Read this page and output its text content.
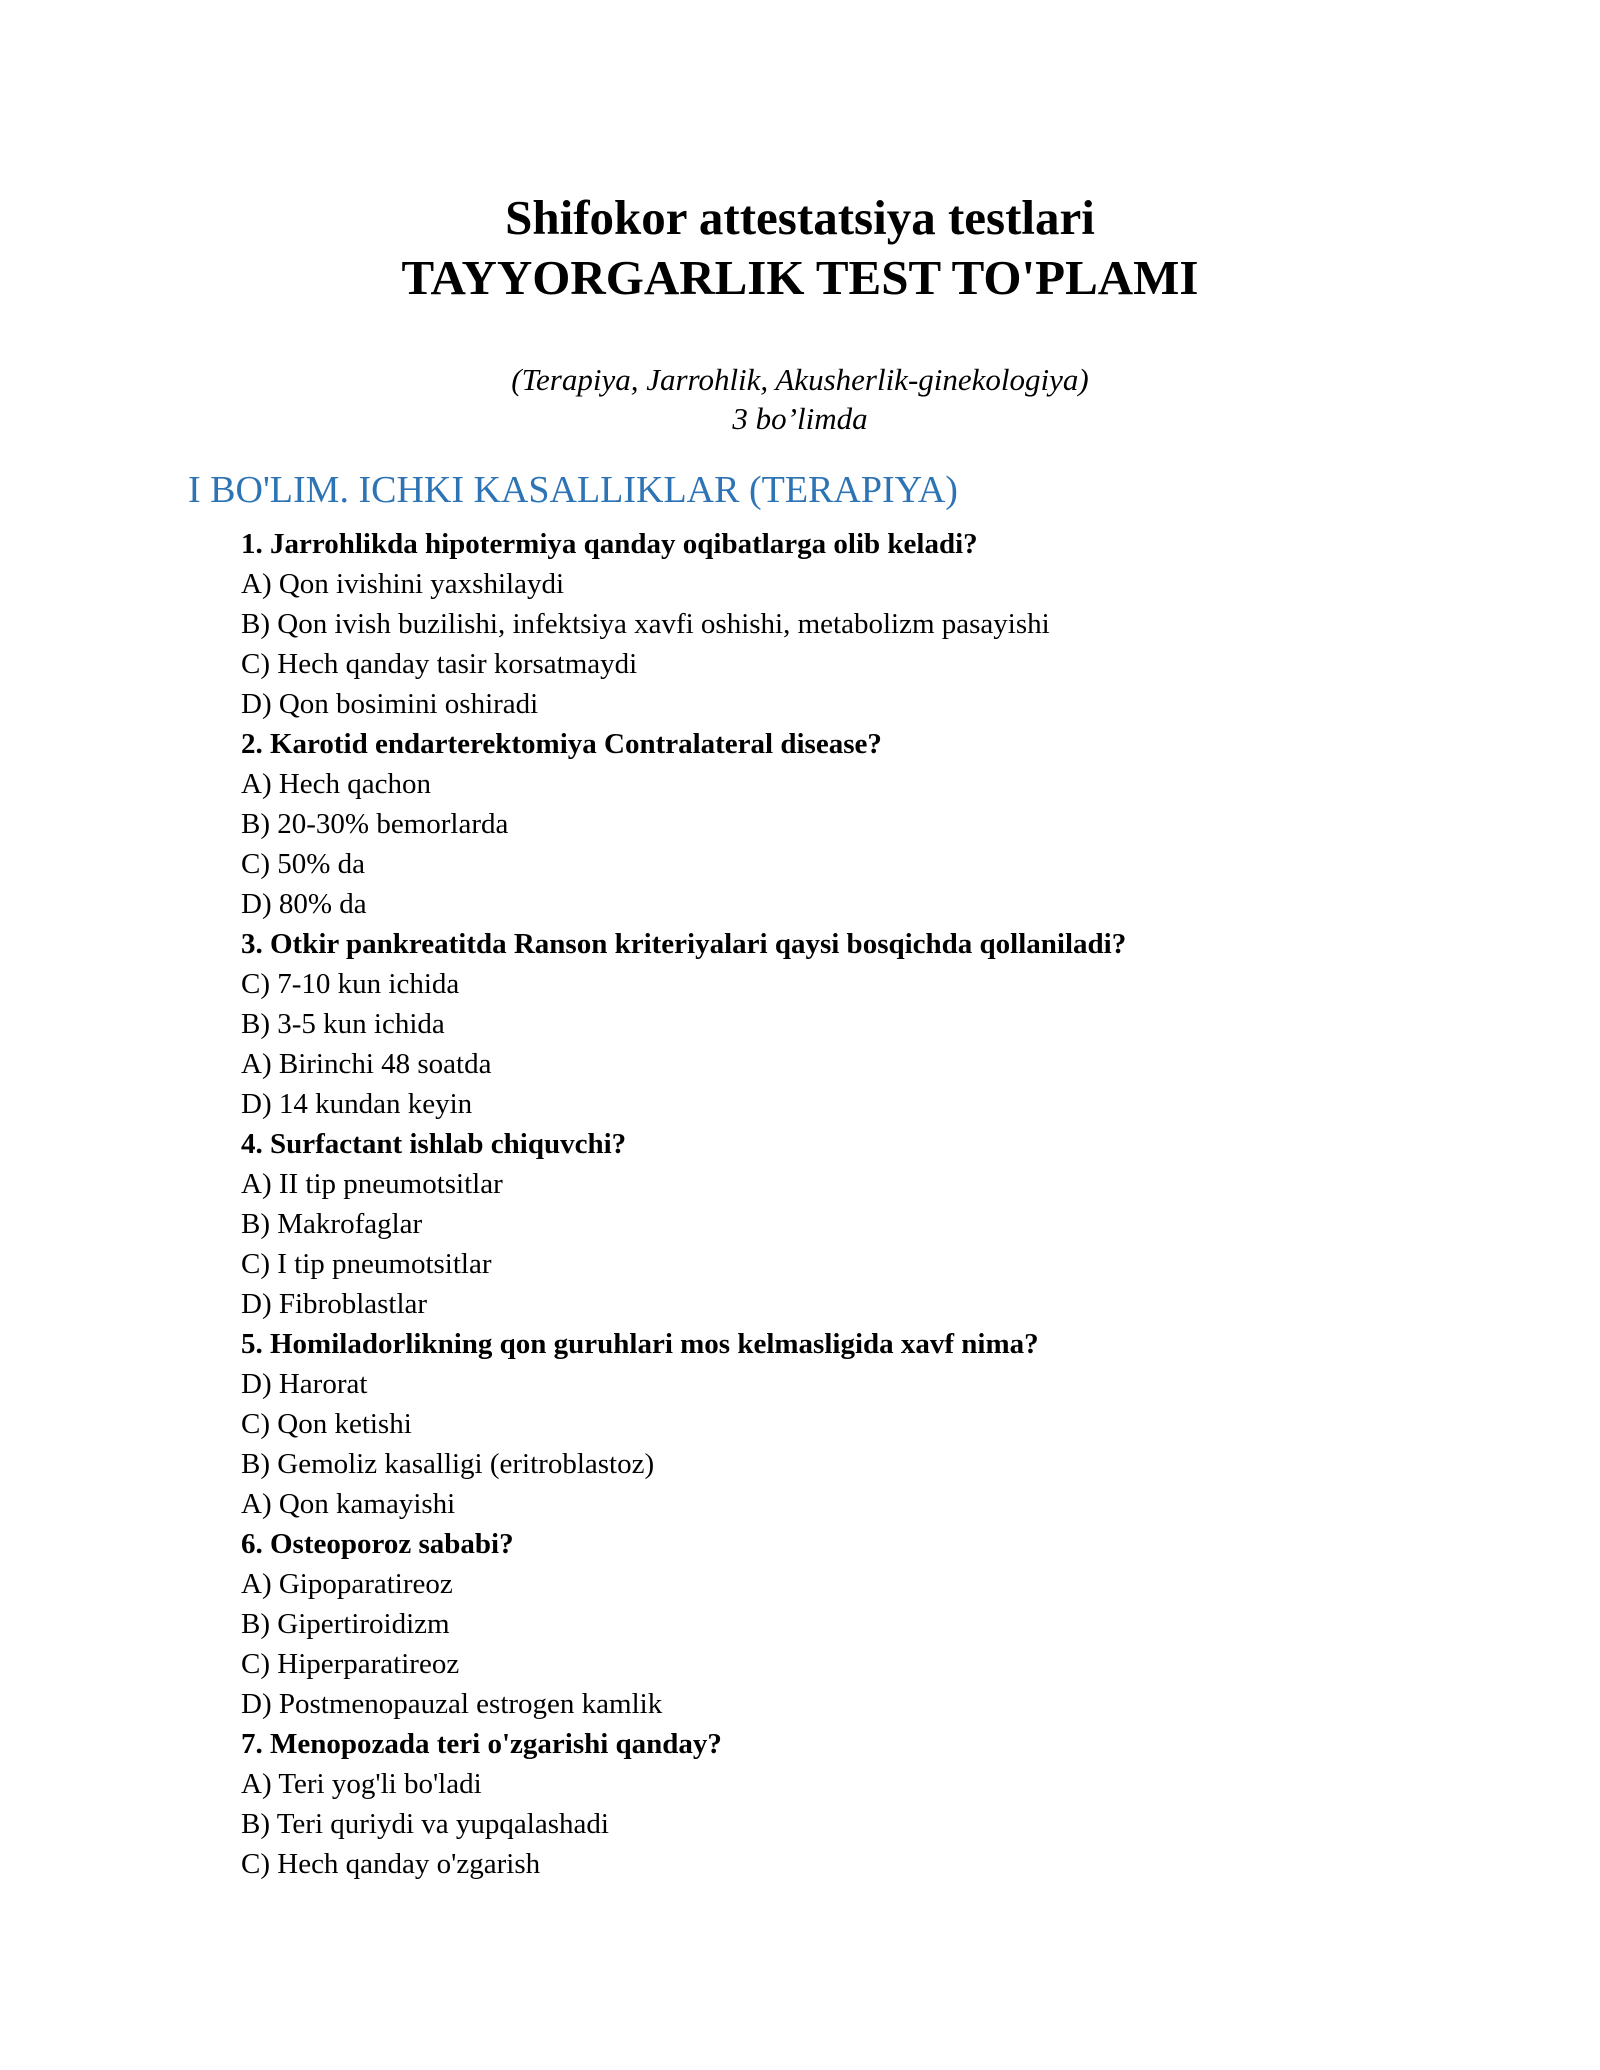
Shifokor attestatsiya testlari
TAYYORGARLIK TEST TO'PLAMI
(Terapiya, Jarrohlik, Akusherlik-ginekologiya)
3 bo’limda
I BO'LIM. ICHKI KASALLIKLAR (TERAPIYA)
1. Jarrohlikda hipotermiya qanday oqibatlarga olib keladi?
A) Qon ivishini yaxshilaydi
B) Qon ivish buzilishi, infektsiya xavfi oshishi, metabolizm pasayishi
C) Hech qanday tasir korsatmaydi
D) Qon bosimini oshiradi
2. Karotid endarterektomiya Contralateral disease?
A) Hech qachon
B) 20-30% bemorlarda
C) 50% da
D) 80% da
3. Otkir pankreatitda Ranson kriteriyalari qaysi bosqichda qollaniladi?
C) 7-10 kun ichida
B) 3-5 kun ichida
A) Birinchi 48 soatda
D) 14 kundan keyin
4. Surfactant ishlab chiquvchi?
A) II tip pneumotsitlar
B) Makrofaglar
C) I tip pneumotsitlar
D) Fibroblastlar
5. Homiladorlikning qon guruhlari mos kelmasligida xavf nima?
D) Harorat
C) Qon ketishi
B) Gemoliz kasalligi (eritroblastoz)
A) Qon kamayishi
6. Osteoporoz sababi?
A) Gipoparatireoz
B) Gipertiroidizm
C) Hiperparatireoz
D) Postmenopauzal estrogen kamlik
7. Menopozada teri o'zgarishi qanday?
A) Teri yog'li bo'ladi
B) Teri quriydi va yupqalashadi
C) Hech qanday o'zgarish
